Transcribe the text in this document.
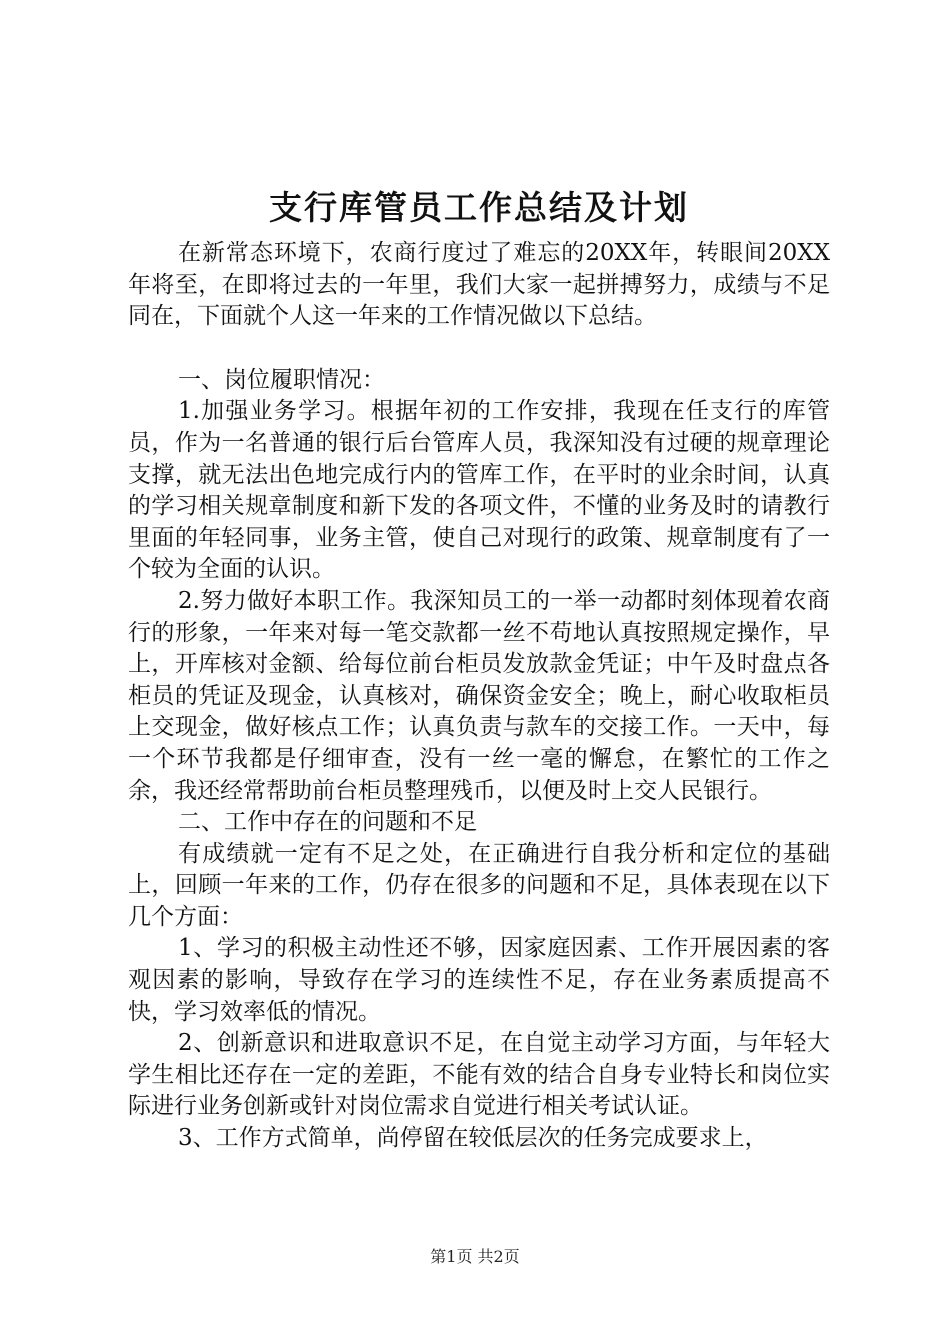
支行库管员工作总结及计划

在新常态环境下，农商行度过了难忘的20XX年，转眼间20XX年将至，在即将过去的一年里，我们大家一起拼搏努力，成绩与不足同在，下面就个人这一年来的工作情况做以下总结。

一、岗位履职情况：

1.加强业务学习。根据年初的工作安排，我现在任支行的库管员，作为一名普通的银行后台管库人员，我深知没有过硬的规章理论支撑，就无法出色地完成行内的管库工作，在平时的业余时间，认真的学习相关规章制度和新下发的各项文件，不懂的业务及时的请教行里面的年轻同事，业务主管，使自己对现行的政策、规章制度有了一个较为全面的认识。

2.努力做好本职工作。我深知员工的一举一动都时刻体现着农商行的形象，一年来对每一笔交款都一丝不苟地认真按照规定操作，早上，开库核对金额、给每位前台柜员发放款金凭证；中午及时盘点各柜员的凭证及现金，认真核对，确保资金安全；晚上，耐心收取柜员上交现金，做好核点工作；认真负责与款车的交接工作。一天中，每一个环节我都是仔细审查，没有一丝一毫的懈怠，在繁忙的工作之余，我还经常帮助前台柜员整理残币，以便及时上交人民银行。

二、工作中存在的问题和不足

有成绩就一定有不足之处，在正确进行自我分析和定位的基础上，回顾一年来的工作，仍存在很多的问题和不足，具体表现在以下几个方面：

1、学习的积极主动性还不够，因家庭因素、工作开展因素的客观因素的影响，导致存在学习的连续性不足，存在业务素质提高不快，学习效率低的情况。

2、创新意识和进取意识不足，在自觉主动学习方面，与年轻大学生相比还存在一定的差距，不能有效的结合自身专业特长和岗位实际进行业务创新或针对岗位需求自觉进行相关考试认证。

3、工作方式简单，尚停留在较低层次的任务完成要求上，

第1页 共2页
